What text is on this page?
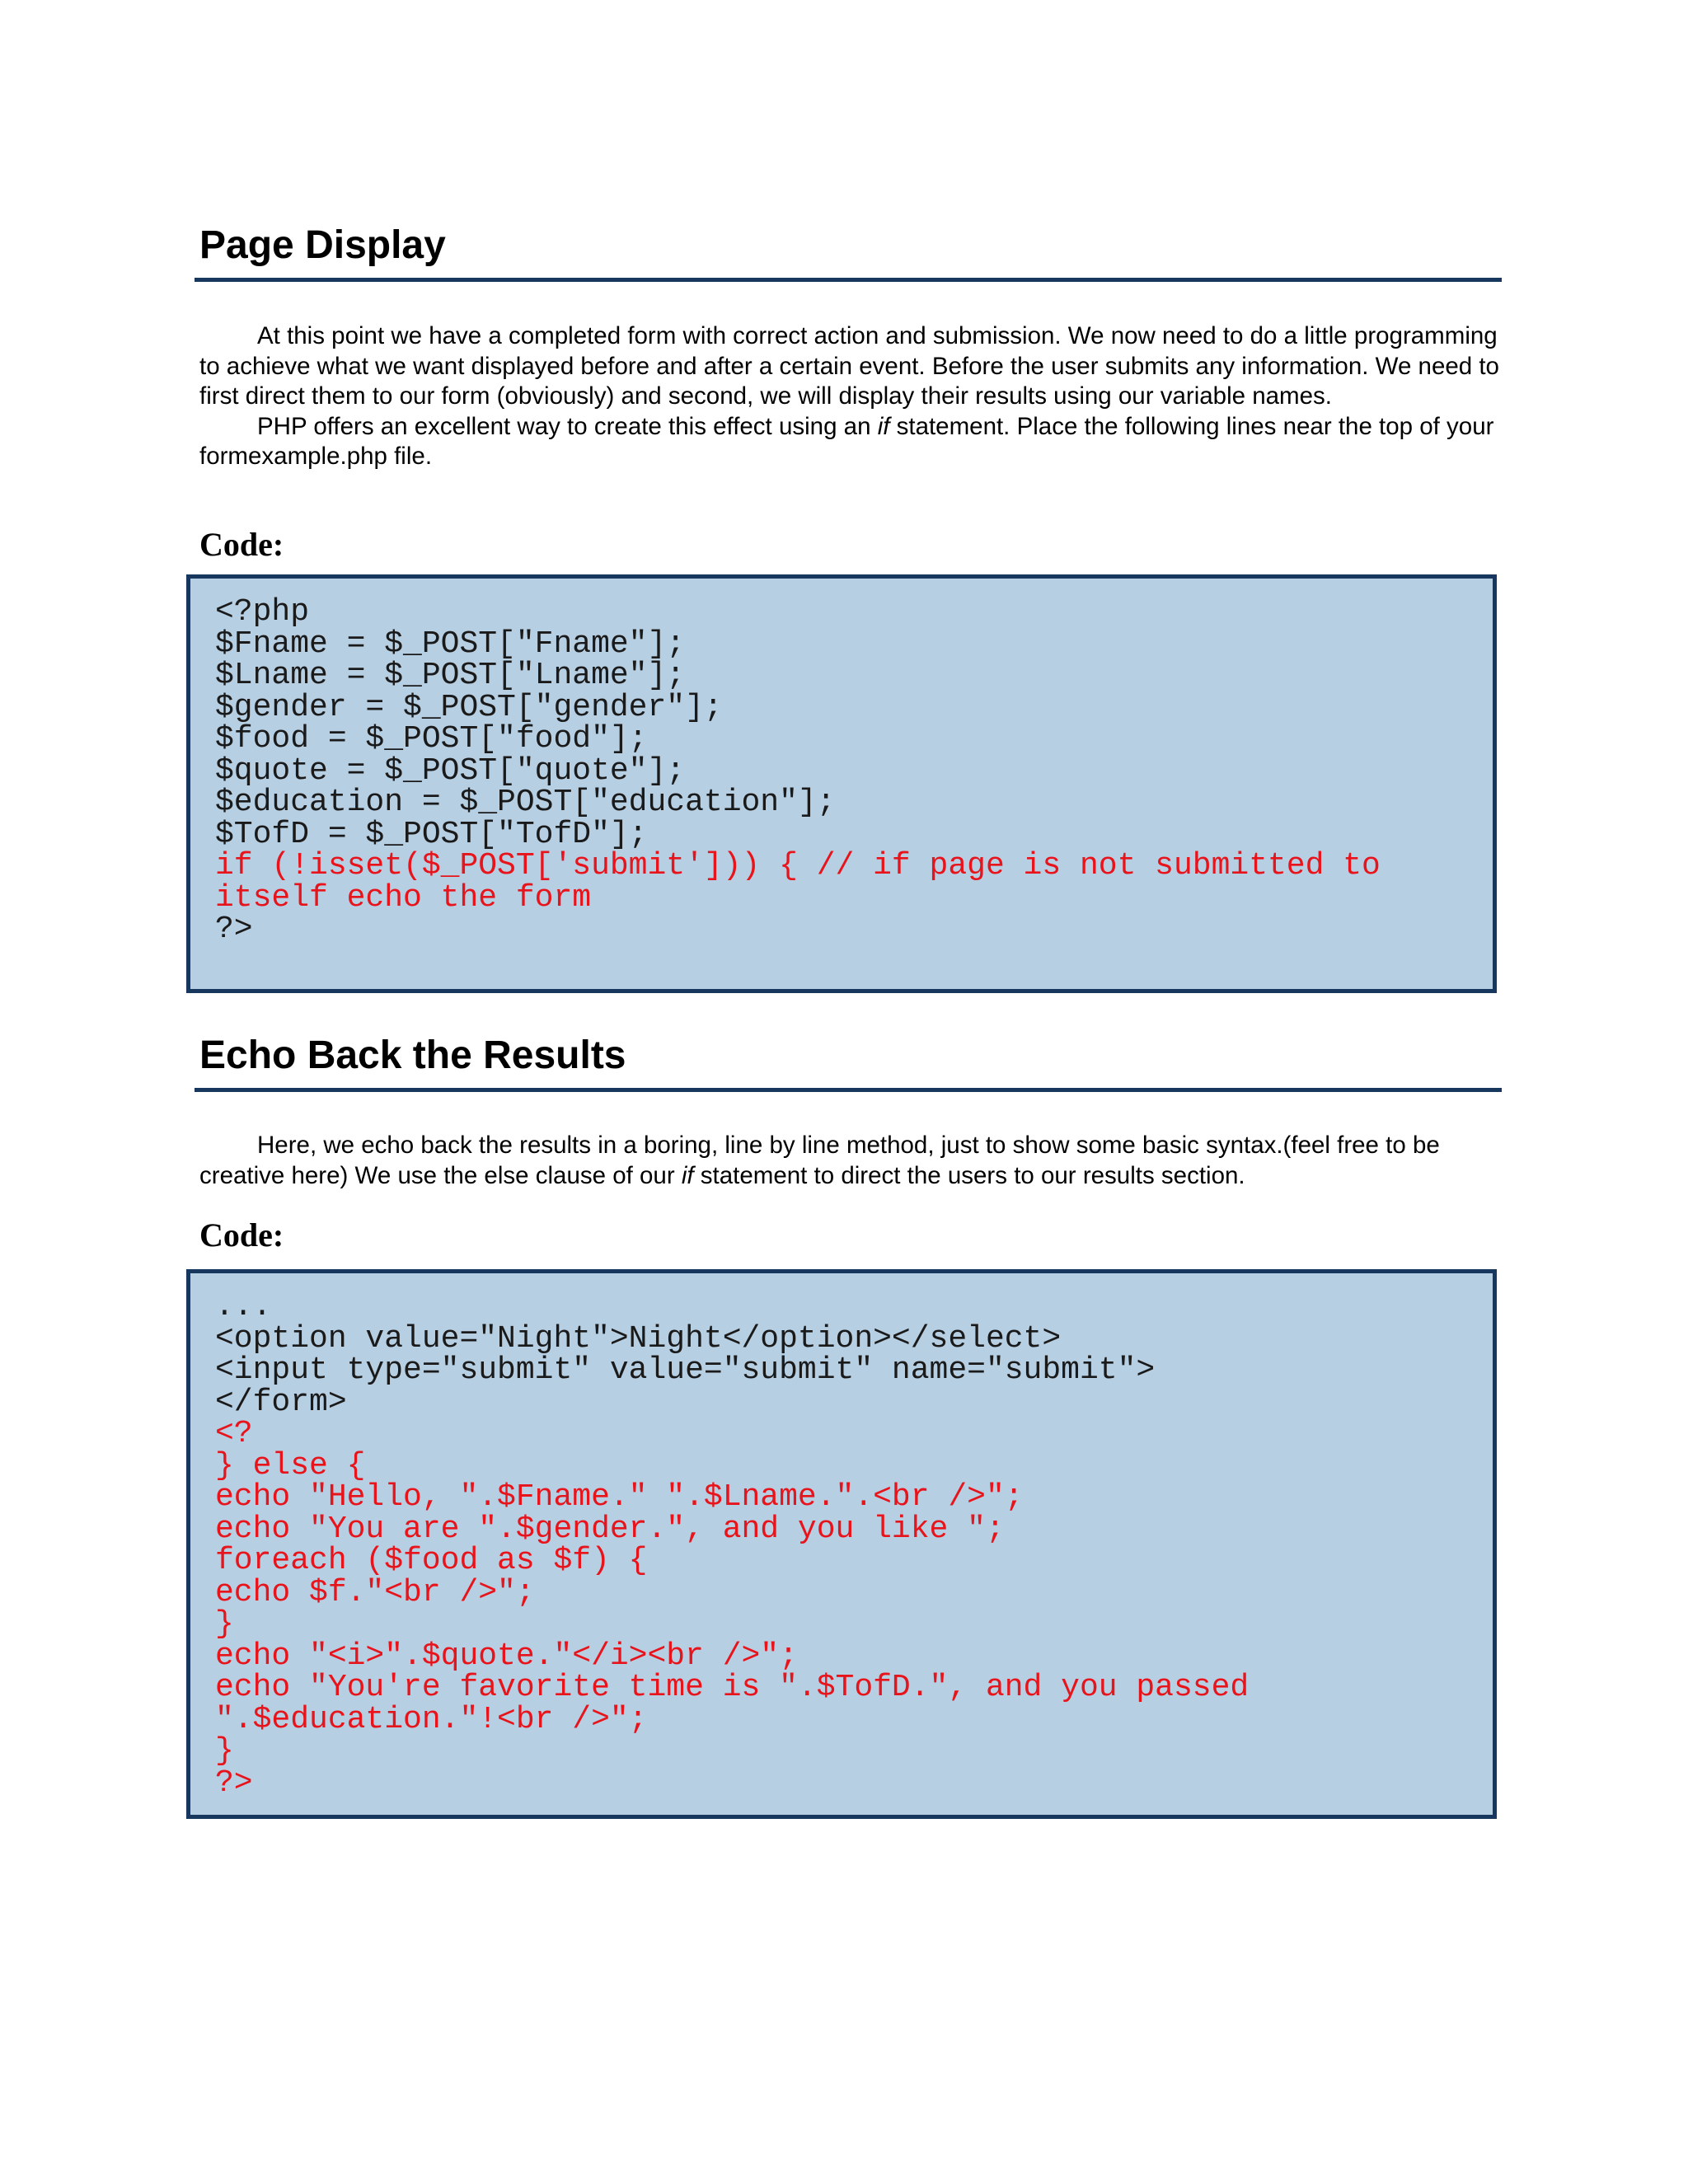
Page Display

At this point we have a completed form with correct action and submission. We now need to do a little programming to achieve what we want displayed before and after a certain event. Before the user submits any information. We need to first direct them to our form (obviously) and second, we will display their results using our variable names.

PHP offers an excellent way to create this effect using an if statement. Place the following lines near the top of your formexample.php file.

Code:
<?php
$Fname = $_POST["Fname"];
$Lname = $_POST["Lname"];
$gender = $_POST["gender"];
$food = $_POST["food"];
$quote = $_POST["quote"];
$education = $_POST["education"];
$TofD = $_POST["TofD"];
if (!isset($_POST['submit'])) { // if page is not submitted to
itself echo the form
?>
Echo Back the Results

Here, we echo back the results in a boring, line by line method, just to show some basic syntax.(feel free to be creative here) We use the else clause of our if statement to direct the users to our results section.

Code:
...
<option value="Night">Night</option></select>
<input type="submit" value="submit" name="submit">
</form>
<?
} else {
echo "Hello, ".$Fname." ".$Lname.".<br />";
echo "You are ".$gender.", and you like ";
foreach ($food as $f) {
echo $f."<br />";
}
echo "<i>".$quote."</i><br />";
echo "You're favorite time is ".$TofD.", and you passed
".$education."!<br />";
}
?>
